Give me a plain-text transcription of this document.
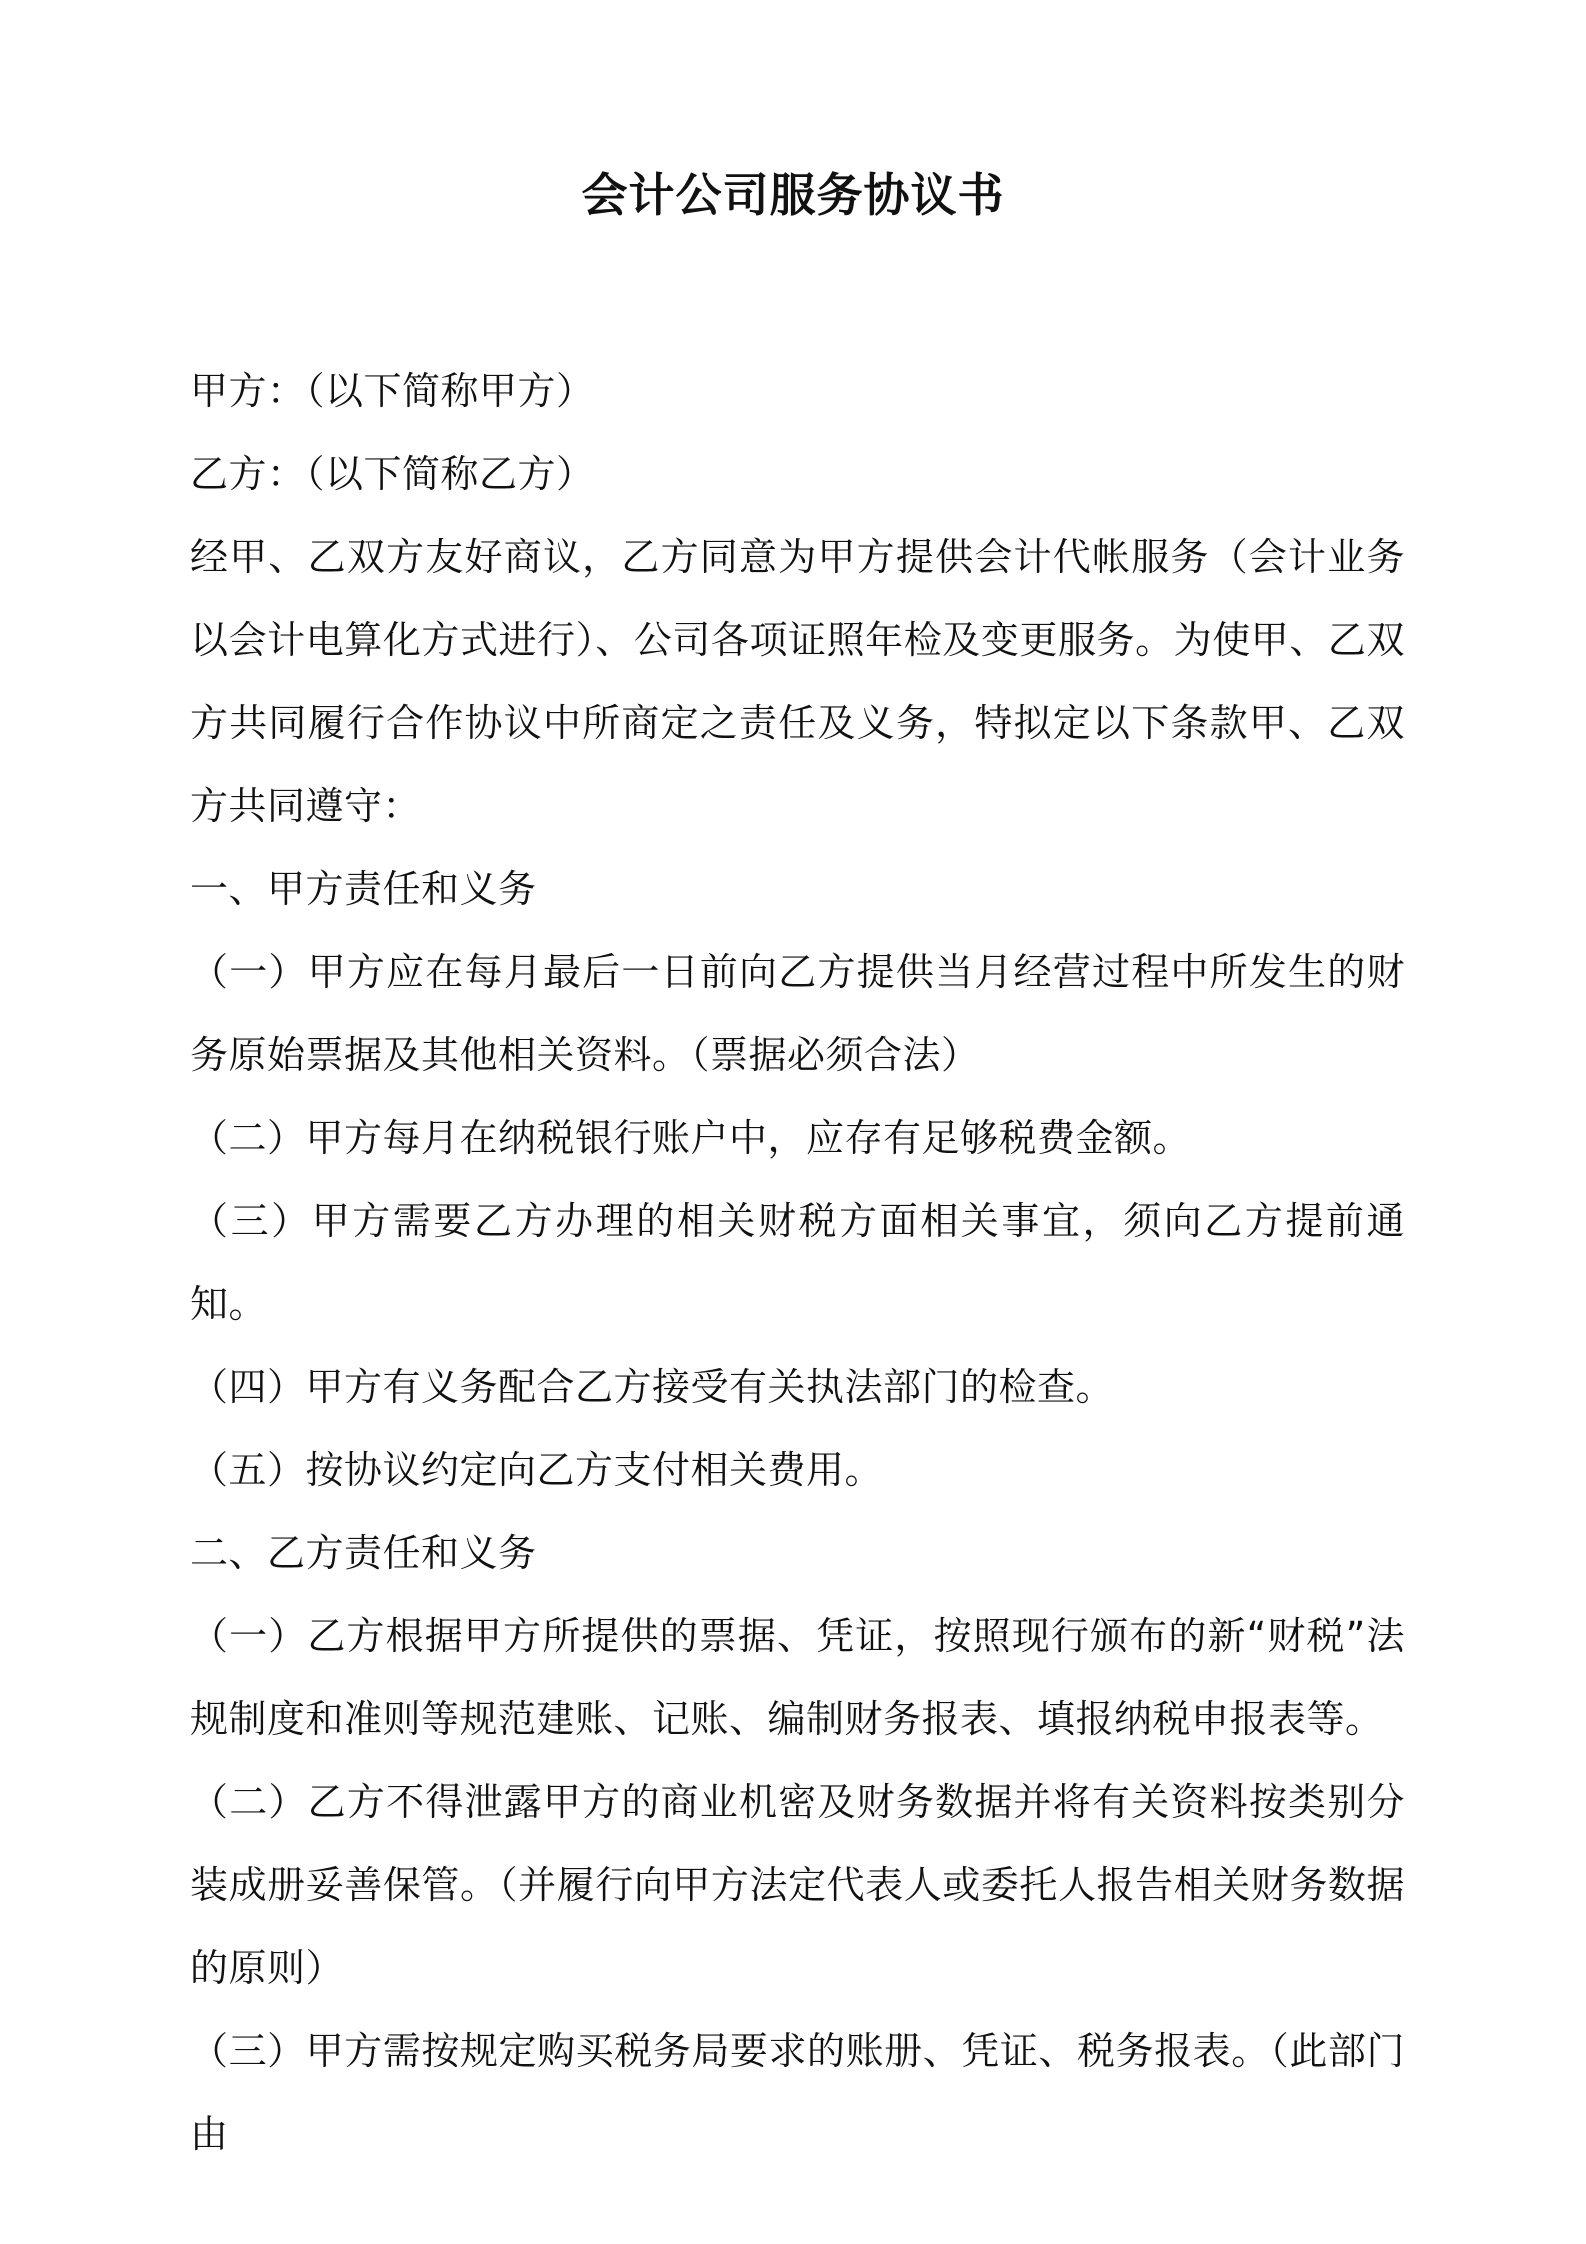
会计公司服务协议书

甲方：（以下简称甲方）

乙方：（以下简称乙方）

经甲、乙双方友好商议，乙方同意为甲方提供会计代帐服务（会计业务以会计电算化方式进行）、公司各项证照年检及变更服务。为使甲、乙双方共同履行合作协议中所商定之责任及义务，特拟定以下条款甲、乙双方共同遵守：

一、甲方责任和义务

（一）甲方应在每月最后一日前向乙方提供当月经营过程中所发生的财务原始票据及其他相关资料。（票据必须合法）

（二）甲方每月在纳税银行账户中，应存有足够税费金额。

（三）甲方需要乙方办理的相关财税方面相关事宜，须向乙方提前通知。

（四）甲方有义务配合乙方接受有关执法部门的检查。

（五）按协议约定向乙方支付相关费用。

二、乙方责任和义务

（一）乙方根据甲方所提供的票据、凭证，按照现行颁布的新“财税”法规制度和准则等规范建账、记账、编制财务报表、填报纳税申报表等。

（二）乙方不得泄露甲方的商业机密及财务数据并将有关资料按类别分装成册妥善保管。（并履行向甲方法定代表人或委托人报告相关财务数据的原则）

（三）甲方需按规定购买税务局要求的账册、凭证、税务报表。（此部门由
